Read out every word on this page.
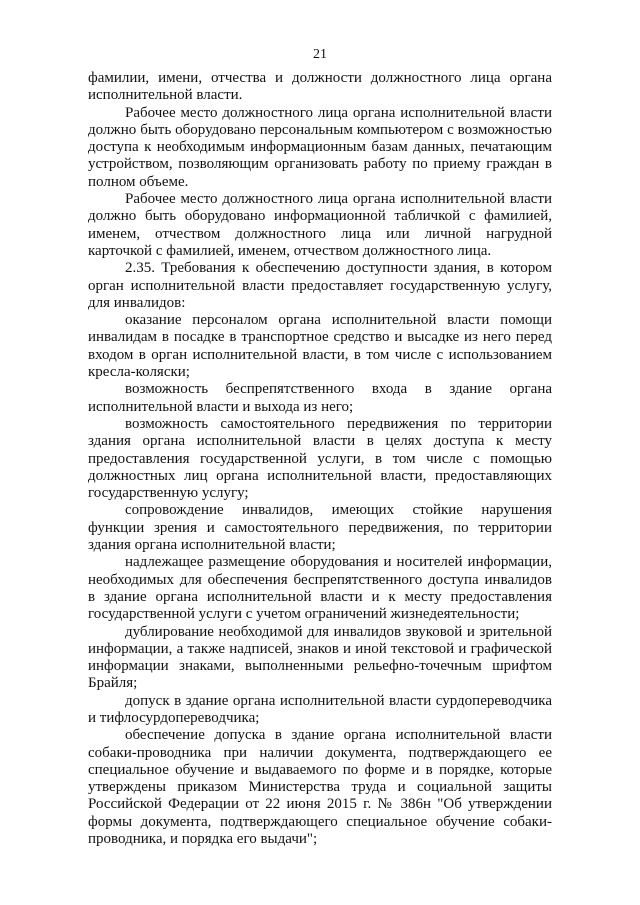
21

фамилии, имени, отчества и должности должностного лица органа исполнительной власти.

Рабочее место должностного лица органа исполнительной власти должно быть оборудовано персональным компьютером с возможностью доступа к необходимым информационным базам данных, печатающим устройством, позволяющим организовать работу по приему граждан в полном объеме.

Рабочее место должностного лица органа исполнительной власти должно быть оборудовано информационной табличкой с фамилией, именем, отчеством должностного лица или личной нагрудной карточкой с фамилией, именем, отчеством должностного лица.

2.35. Требования к обеспечению доступности здания, в котором орган исполнительной власти предоставляет государственную услугу, для инвалидов:

оказание персоналом органа исполнительной власти помощи инвалидам в посадке в транспортное средство и высадке из него перед входом в орган исполнительной власти, в том числе с использованием кресла-коляски;

возможность беспрепятственного входа в здание органа исполнительной власти и выхода из него;

возможность самостоятельного передвижения по территории здания органа исполнительной власти в целях доступа к месту предоставления государственной услуги, в том числе с помощью должностных лиц органа исполнительной власти, предоставляющих государственную услугу;

сопровождение инвалидов, имеющих стойкие нарушения функции зрения и самостоятельного передвижения, по территории здания органа исполнительной власти;

надлежащее размещение оборудования и носителей информации, необходимых для обеспечения беспрепятственного доступа инвалидов в здание органа исполнительной власти и к месту предоставления государственной услуги с учетом ограничений жизнедеятельности;

дублирование необходимой для инвалидов звуковой и зрительной информации, а также надписей, знаков и иной текстовой и графической информации знаками, выполненными рельефно-точечным шрифтом Брайля;

допуск в здание органа исполнительной власти сурдопереводчика и тифлосурдопереводчика;

обеспечение допуска в здание органа исполнительной власти собаки-проводника при наличии документа, подтверждающего ее специальное обучение и выдаваемого по форме и в порядке, которые утверждены приказом Министерства труда и социальной защиты Российской Федерации от 22 июня 2015 г. № 386н "Об утверждении формы документа, подтверждающего специальное обучение собаки-проводника, и порядка его выдачи";
